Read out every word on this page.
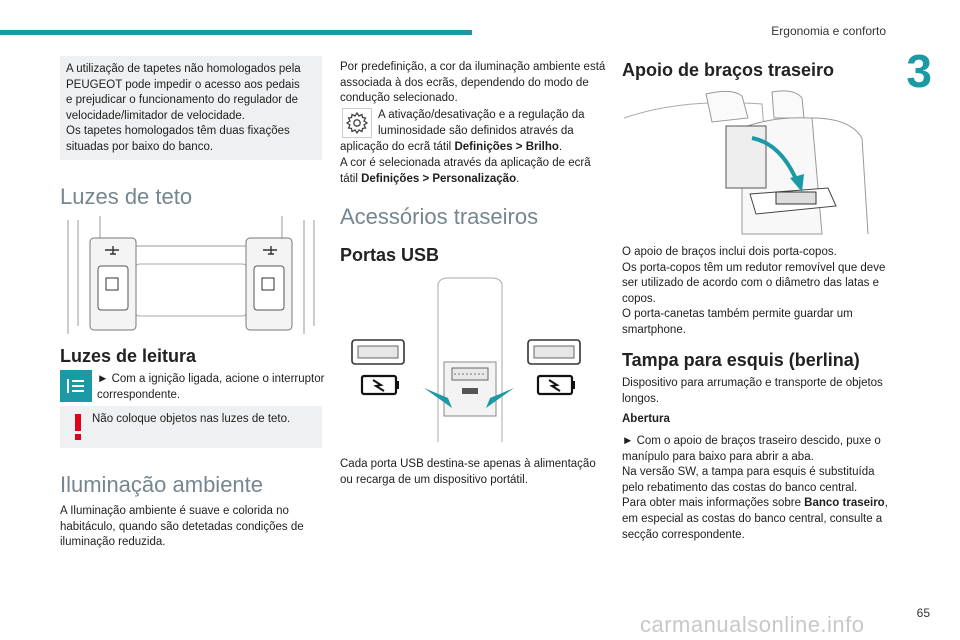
Ergonomia e conforto
3

A utilização de tapetes não homologados pela

PEUGEOT pode impedir o acesso aos pedais

e prejudicar o funcionamento do regulador de

velocidade/limitador de velocidade.

Os tapetes homologados têm duas fixações

situadas por baixo do banco.

Luzes de teto
Luzes de leitura

► Com a ignição ligada, acione o interruptor

correspondente.

Não coloque objetos nas luzes de teto.

Iluminação ambiente

A Iluminação ambiente é suave e colorida no

habitáculo, quando são detetadas condições de

iluminação reduzida.

Por predefinição, a cor da iluminação ambiente está

associada à dos ecrãs, dependendo do modo de

condução selecionado.

A ativação/desativação e a regulação da

luminosidade são definidos através da

aplicação do ecrã tátil Definições > Brilho.

A cor é selecionada através da aplicação de ecrã

tátil Definições > Personalização.

Acessórios traseiros
Portas USB

Cada porta USB destina-se apenas à alimentação

ou recarga de um dispositivo portátil.

Apoio de braços traseiro

O apoio de braços inclui dois porta-copos.

Os porta-copos têm um redutor removível que deve

ser utilizado de acordo com o diâmetro das latas e

copos.

O porta-canetas também permite guardar um

smartphone.

Tampa para esquis (berlina)

Dispositivo para arrumação e transporte de objetos

longos.

Abertura

► Com o apoio de braços traseiro descido, puxe o

manípulo para baixo para abrir a aba.

Na versão SW, a tampa para esquis é substituída

pelo rebatimento das costas do banco central.

Para obter mais informações sobre Banco traseiro,

em especial as costas do banco central, consulte a

secção correspondente.

65
carmanualsonline.info
